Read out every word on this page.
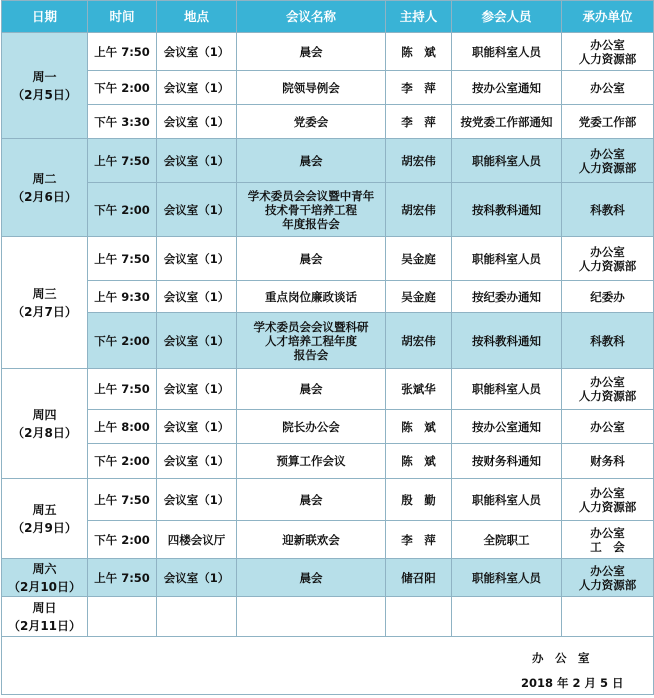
日期	时间	地点	会议名称	主持人	参会人员	承办单位

周一
（2月5日）	上午 7:50	会议室（1）	晨会	陈　斌	职能科室人员	办公室
人力资源部

	下午 2:00	会议室（1）	院领导例会	李　萍	按办公室通知	办公室

	下午 3:30	会议室（1）	党委会	李　萍	按党委工作部通知	党委工作部

周二
（2月6日）	上午 7:50	会议室（1）	晨会	胡宏伟	职能科室人员	办公室
人力资源部

	下午 2:00	会议室（1）	学术委员会会议暨中青年
技术骨干培养工程
年度报告会	胡宏伟	按科教科通知	科教科

周三
（2月7日）	上午 7:50	会议室（1）	晨会	吴金庭	职能科室人员	办公室
人力资源部

	上午 9:30	会议室（1）	重点岗位廉政谈话	吴金庭	按纪委办通知	纪委办

	下午 2:00	会议室（1）	学术委员会会议暨科研
人才培养工程年度
报告会	胡宏伟	按科教科通知	科教科

周四
（2月8日）	上午 7:50	会议室（1）	晨会	张斌华	职能科室人员	办公室
人力资源部

	上午 8:00	会议室（1）	院长办公会	陈　斌	按办公室通知	办公室

	下午 2:00	会议室（1）	预算工作会议	陈　斌	按财务科通知	财务科

周五
（2月9日）	上午 7:50	会议室（1）	晨会	殷　勤	职能科室人员	办公室
人力资源部

	下午 2:00	四楼会议厅	迎新联欢会	李　萍	全院职工	办公室
工　会

周六
（2月10日）	上午 7:50	会议室（1）	晨会	储召阳	职能科室人员	办公室
人力资源部

周日
（2月11日）						

办　公　室
2018 年 2 月 5 日
